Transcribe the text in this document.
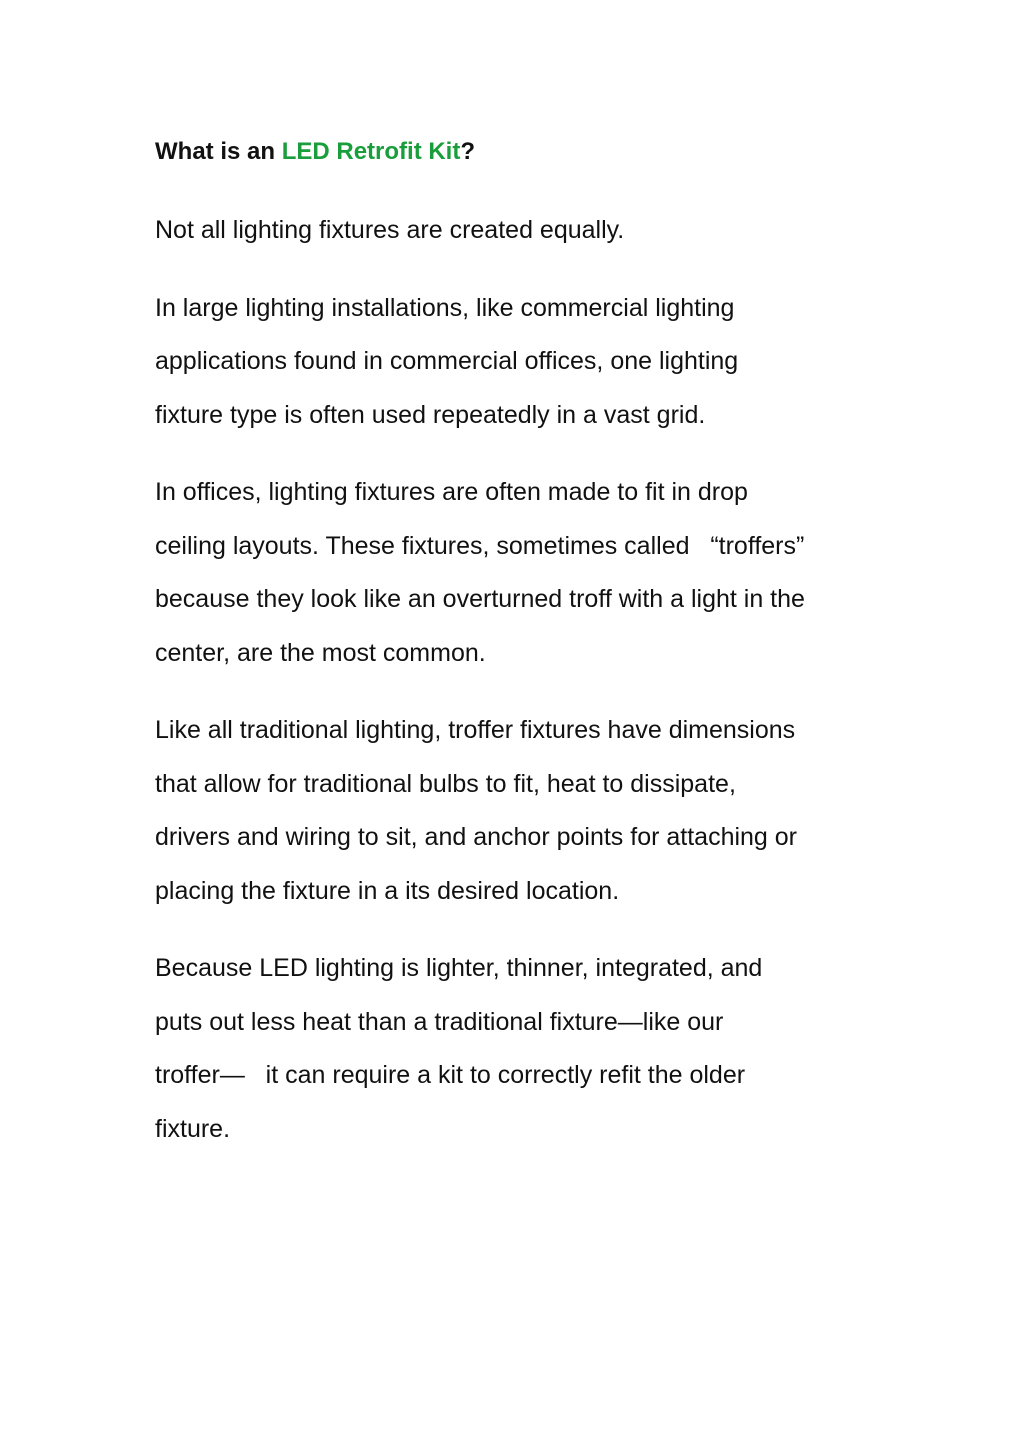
What is an LED Retrofit Kit?

Not all lighting fixtures are created equally.

In large lighting installations, like commercial lighting
applications found in commercial offices, one lighting
fixture type is often used repeatedly in a vast grid.

In offices, lighting fixtures are often made to fit in drop
ceiling layouts. These fixtures, sometimes called   “troffers”
because they look like an overturned troff with a light in the
center, are the most common.

Like all traditional lighting, troffer fixtures have dimensions
that allow for traditional bulbs to fit, heat to dissipate,
drivers and wiring to sit, and anchor points for attaching or
placing the fixture in a its desired location.

Because LED lighting is lighter, thinner, integrated, and
puts out less heat than a traditional fixture—like our
troffer—   it can require a kit to correctly refit the older
fixture.
